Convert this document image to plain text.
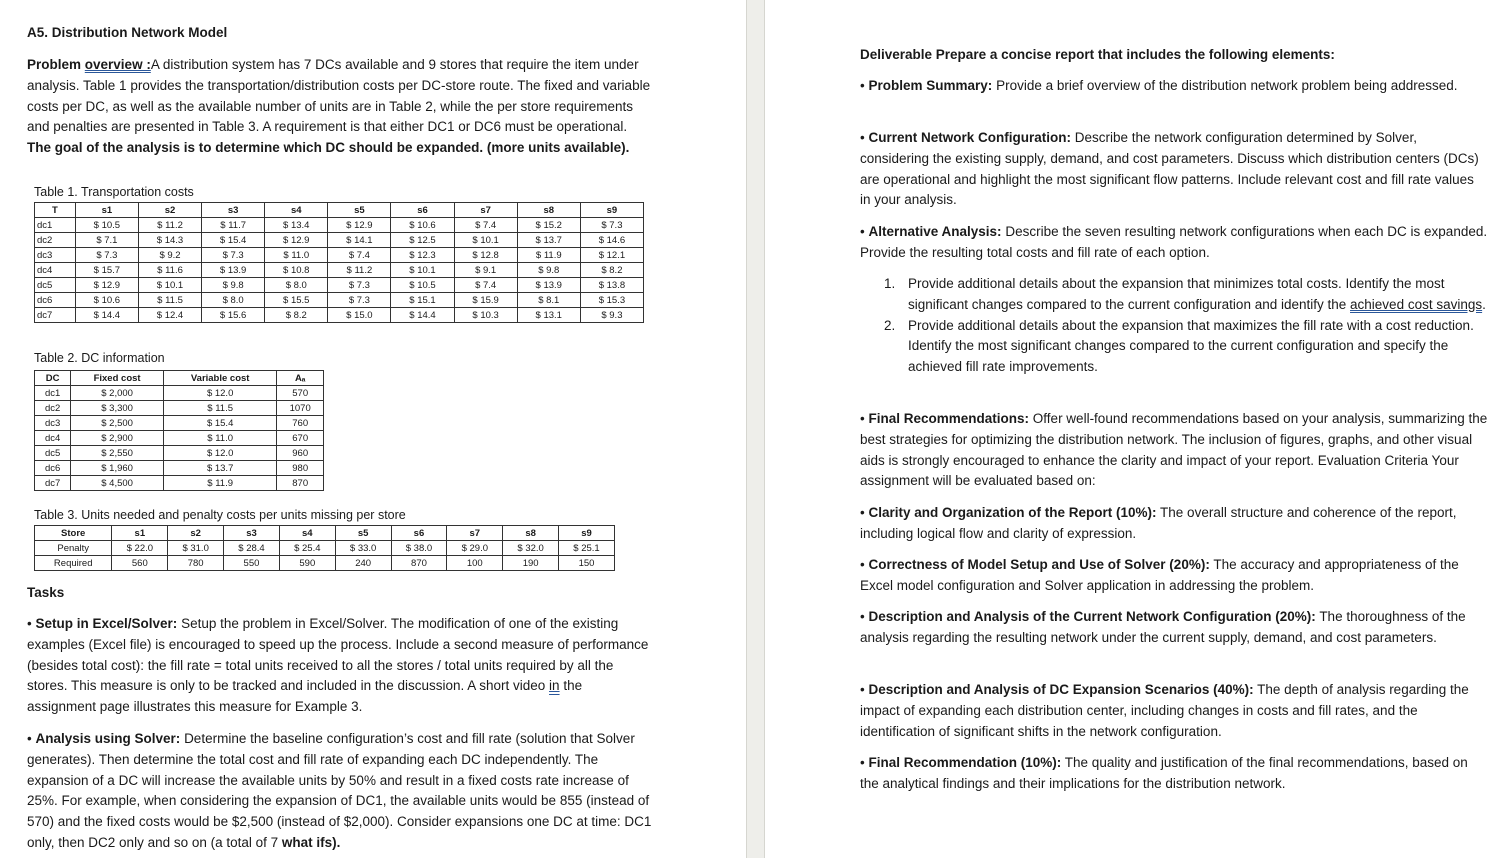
A5. Distribution Network Model
Problem overview :A distribution system has 7 DCs available and 9 stores that require the item under analysis. Table 1 provides the transportation/distribution costs per DC-store route. The fixed and variable costs per DC, as well as the available number of units are in Table 2, while the per store requirements and penalties are presented in Table 3. A requirement is that either DC1 or DC6 must be operational. The goal of the analysis is to determine which DC should be expanded. (more units available).
Table 1. Transportation costs
T	s1	s2	s3	s4	s5	s6	s7	s8	s9
dc1	$ 10.5	$ 11.2	$ 11.7	$ 13.4	$ 12.9	$ 10.6	$ 7.4	$ 15.2	$ 7.3
dc2	$ 7.1	$ 14.3	$ 15.4	$ 12.9	$ 14.1	$ 12.5	$ 10.1	$ 13.7	$ 14.6
dc3	$ 7.3	$ 9.2	$ 7.3	$ 11.0	$ 7.4	$ 12.3	$ 12.8	$ 11.9	$ 12.1
dc4	$ 15.7	$ 11.6	$ 13.9	$ 10.8	$ 11.2	$ 10.1	$ 9.1	$ 9.8	$ 8.2
dc5	$ 12.9	$ 10.1	$ 9.8	$ 8.0	$ 7.3	$ 10.5	$ 7.4	$ 13.9	$ 13.8
dc6	$ 10.6	$ 11.5	$ 8.0	$ 15.5	$ 7.3	$ 15.1	$ 15.9	$ 8.1	$ 15.3
dc7	$ 14.4	$ 12.4	$ 15.6	$ 8.2	$ 15.0	$ 14.4	$ 10.3	$ 13.1	$ 9.3
Table 2. DC information
DC	Fixed cost	Variable cost	Aₐ
dc1	$ 2,000	$ 12.0	570
dc2	$ 3,300	$ 11.5	1070
dc3	$ 2,500	$ 15.4	760
dc4	$ 2,900	$ 11.0	670
dc5	$ 2,550	$ 12.0	960
dc6	$ 1,960	$ 13.7	980
dc7	$ 4,500	$ 11.9	870
Table 3. Units needed and penalty costs per units missing per store
Store	s1	s2	s3	s4	s5	s6	s7	s8	s9
Penalty	$ 22.0	$ 31.0	$ 28.4	$ 25.4	$ 33.0	$ 38.0	$ 29.0	$ 32.0	$ 25.1
Required	560	780	550	590	240	870	100	190	150
Tasks
• Setup in Excel/Solver: Setup the problem in Excel/Solver. The modification of one of the existing examples (Excel file) is encouraged to speed up the process. Include a second measure of performance (besides total cost): the fill rate = total units received to all the stores / total units required by all the stores. This measure is only to be tracked and included in the discussion. A short video in the assignment page illustrates this measure for Example 3.
• Analysis using Solver: Determine the baseline configuration’s cost and fill rate (solution that Solver generates). Then determine the total cost and fill rate of expanding each DC independently. The expansion of a DC will increase the available units by 50% and result in a fixed costs rate increase of 25%. For example, when considering the expansion of DC1, the available units would be 855 (instead of 570) and the fixed costs would be $2,500 (instead of $2,000). Consider expansions one DC at time: DC1 only, then DC2 only and so on (a total of 7 what ifs).
Deliverable Prepare a concise report that includes the following elements:
• Problem Summary: Provide a brief overview of the distribution network problem being addressed.
• Current Network Configuration: Describe the network configuration determined by Solver, considering the existing supply, demand, and cost parameters. Discuss which distribution centers (DCs) are operational and highlight the most significant flow patterns. Include relevant cost and fill rate values in your analysis.
• Alternative Analysis: Describe the seven resulting network configurations when each DC is expanded. Provide the resulting total costs and fill rate of each option.
1. Provide additional details about the expansion that minimizes total costs. Identify the most significant changes compared to the current configuration and identify the achieved cost savings.
2. Provide additional details about the expansion that maximizes the fill rate with a cost reduction. Identify the most significant changes compared to the current configuration and specify the achieved fill rate improvements.
• Final Recommendations: Offer well-found recommendations based on your analysis, summarizing the best strategies for optimizing the distribution network. The inclusion of figures, graphs, and other visual aids is strongly encouraged to enhance the clarity and impact of your report. Evaluation Criteria Your assignment will be evaluated based on:
• Clarity and Organization of the Report (10%): The overall structure and coherence of the report, including logical flow and clarity of expression.
• Correctness of Model Setup and Use of Solver (20%): The accuracy and appropriateness of the Excel model configuration and Solver application in addressing the problem.
• Description and Analysis of the Current Network Configuration (20%): The thoroughness of the analysis regarding the resulting network under the current supply, demand, and cost parameters.
• Description and Analysis of DC Expansion Scenarios (40%): The depth of analysis regarding the impact of expanding each distribution center, including changes in costs and fill rates, and the identification of significant shifts in the network configuration.
• Final Recommendation (10%): The quality and justification of the final recommendations, based on the analytical findings and their implications for the distribution network.
